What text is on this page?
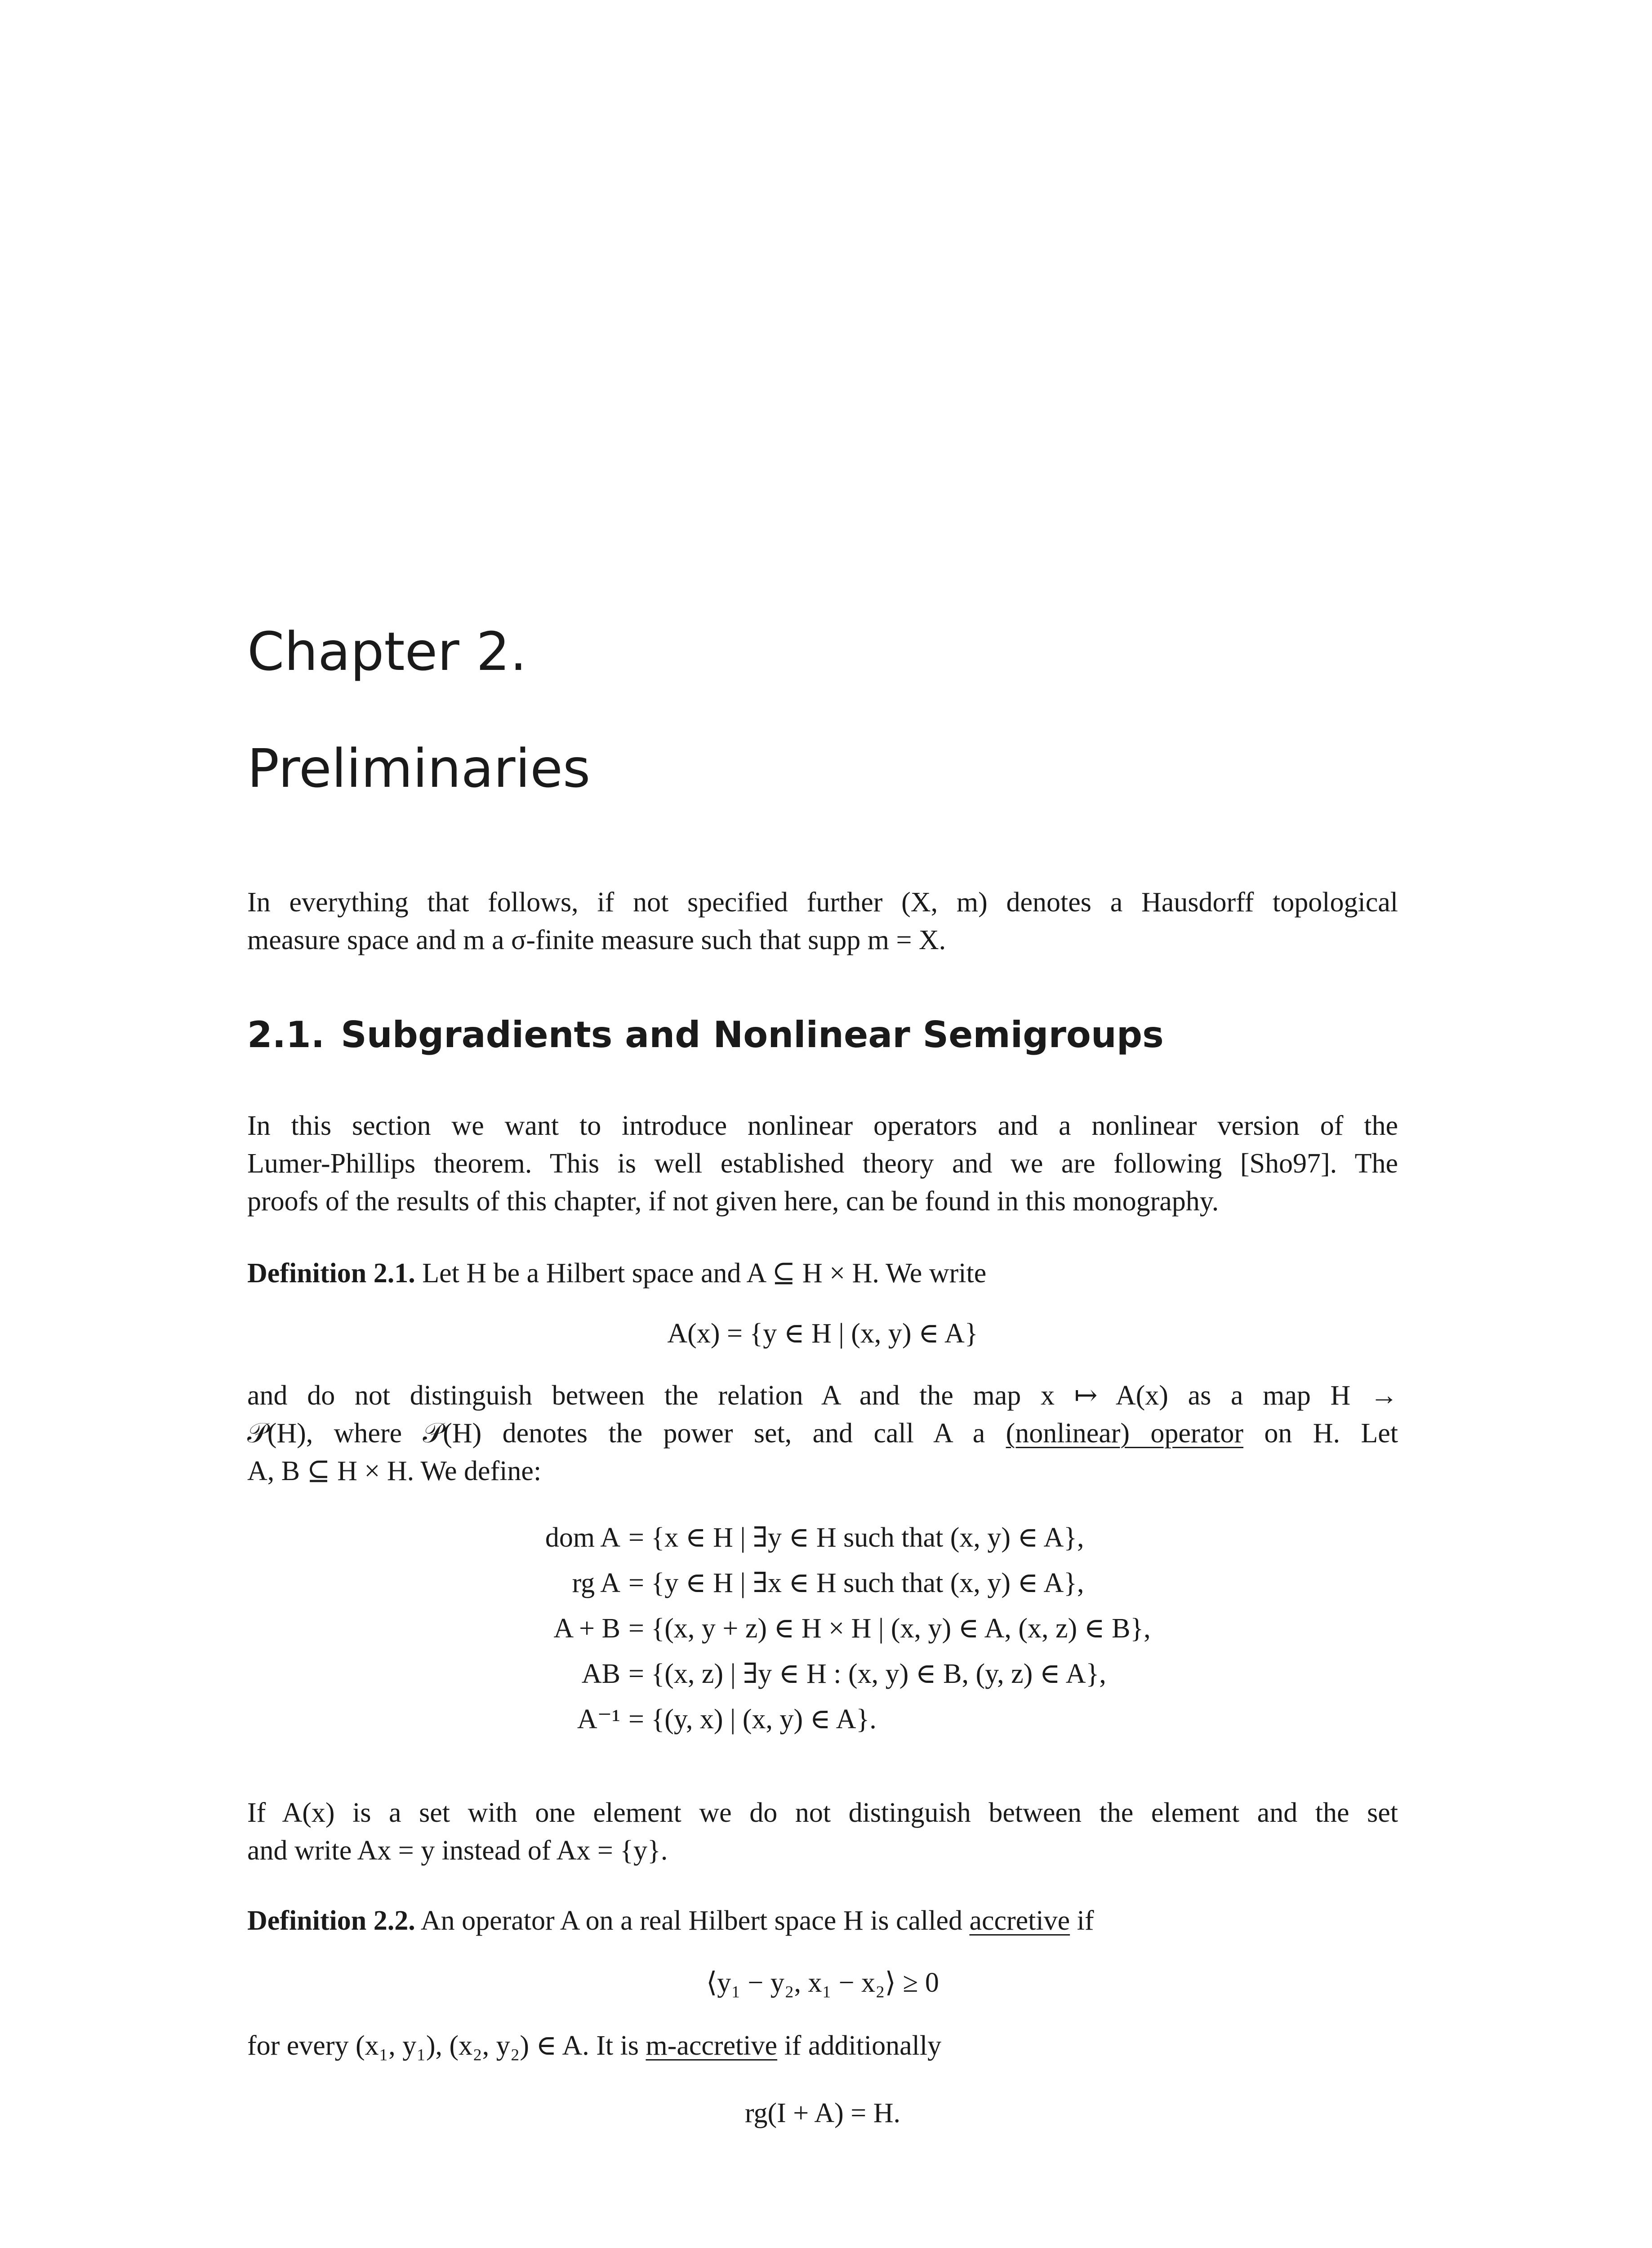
Chapter 2.
Preliminaries
In everything that follows, if not specified further (X, m) denotes a Hausdorff topological
measure space and m a σ-finite measure such that supp m = X.
2.1. Subgradients and Nonlinear Semigroups
In this section we want to introduce nonlinear operators and a nonlinear version of the
Lumer-Phillips theorem. This is well established theory and we are following [Sho97]. The
proofs of the results of this chapter, if not given here, can be found in this monography.
Definition 2.1. Let H be a Hilbert space and A ⊆ H × H. We write
A(x) = {y ∈ H | (x, y) ∈ A}
and do not distinguish between the relation A and the map x ↦ A(x) as a map H →
𝒫(H), where 𝒫(H) denotes the power set, and call A a (nonlinear) operator on H. Let
A, B ⊆ H × H. We define:
dom A = {x ∈ H | ∃y ∈ H such that (x, y) ∈ A},
rg A = {y ∈ H | ∃x ∈ H such that (x, y) ∈ A},
A + B = {(x, y + z) ∈ H × H | (x, y) ∈ A, (x, z) ∈ B},
AB = {(x, z) | ∃y ∈ H : (x, y) ∈ B, (y, z) ∈ A},
A⁻¹ = {(y, x) | (x, y) ∈ A}.
If A(x) is a set with one element we do not distinguish between the element and the set
and write Ax = y instead of Ax = {y}.
Definition 2.2. An operator A on a real Hilbert space H is called accretive if
⟨y₁ − y₂, x₁ − x₂⟩ ≥ 0
for every (x₁, y₁), (x₂, y₂) ∈ A. It is m-accretive if additionally
rg(I + A) = H.
